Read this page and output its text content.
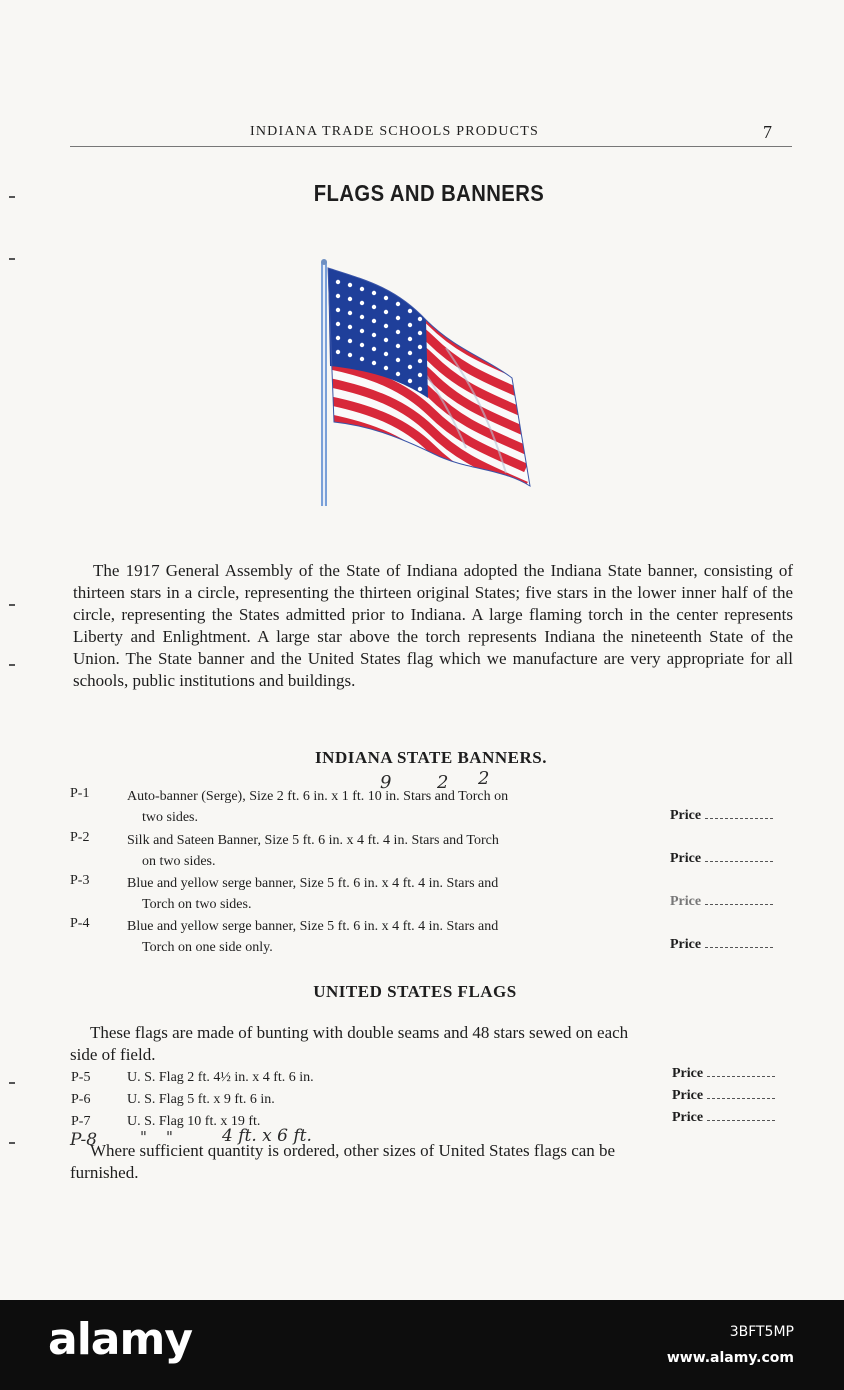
INDIANA TRADE SCHOOLS PRODUCTS	7
FLAGS AND BANNERS

The 1917 General Assembly of the State of Indiana adopted the Indiana State banner, consisting of thirteen stars in a circle, representing the thirteen original States; five stars in the lower inner half of the circle, representing the States admitted prior to Indiana. A large flaming torch in the center represents Liberty and Enlightment. A large star above the torch represents Indiana the nineteenth State of the Union. The State banner and the United States flag which we manufacture are very appropriate for all schools, public institutions and buildings.

INDIANA STATE BANNERS.
P-1	Auto-banner (Serge), Size 2 ft. 6 in. x 1 ft. 10 in. Stars and Torch on
two sides.	Price
9	2 2
P-2	Silk and Sateen Banner, Size 5 ft. 6 in. x 4 ft. 4 in. Stars and Torch
on two sides.	Price
P-3	Blue and yellow serge banner, Size 5 ft. 6 in. x 4 ft. 4 in. Stars and
Torch on two sides.	Price
P-4	Blue and yellow serge banner, Size 5 ft. 6 in. x 4 ft. 4 in. Stars and
Torch on one side only.	Price
UNITED STATES FLAGS

These flags are made of bunting with double seams and 48 stars sewed on each side of field.

P-5	U. S. Flag 2 ft. 4½ in. x 4 ft. 6 in.	Price
P-6	U. S. Flag 5 ft. x 9 ft. 6 in.	Price
P-7	U. S. Flag 10 ft. x 19 ft.	Price
P-8	"    "	4 ft. x 6 ft.

Where sufficient quantity is ordered, other sizes of United States flags can be furnished.

alamy	3BFT5MP
www.alamy.com
